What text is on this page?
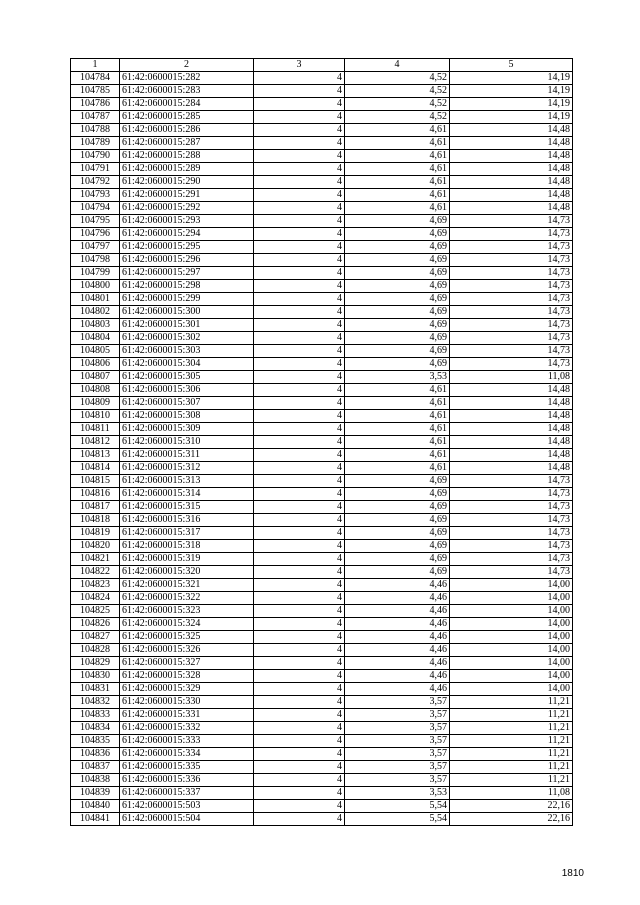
1	2	3	4	5
104784	61:42:0600015:282	4	4,52	14,19
104785	61:42:0600015:283	4	4,52	14,19
104786	61:42:0600015:284	4	4,52	14,19
104787	61:42:0600015:285	4	4,52	14,19
104788	61:42:0600015:286	4	4,61	14,48
104789	61:42:0600015:287	4	4,61	14,48
104790	61:42:0600015:288	4	4,61	14,48
104791	61:42:0600015:289	4	4,61	14,48
104792	61:42:0600015:290	4	4,61	14,48
104793	61:42:0600015:291	4	4,61	14,48
104794	61:42:0600015:292	4	4,61	14,48
104795	61:42:0600015:293	4	4,69	14,73
104796	61:42:0600015:294	4	4,69	14,73
104797	61:42:0600015:295	4	4,69	14,73
104798	61:42:0600015:296	4	4,69	14,73
104799	61:42:0600015:297	4	4,69	14,73
104800	61:42:0600015:298	4	4,69	14,73
104801	61:42:0600015:299	4	4,69	14,73
104802	61:42:0600015:300	4	4,69	14,73
104803	61:42:0600015:301	4	4,69	14,73
104804	61:42:0600015:302	4	4,69	14,73
104805	61:42:0600015:303	4	4,69	14,73
104806	61:42:0600015:304	4	4,69	14,73
104807	61:42:0600015:305	4	3,53	11,08
104808	61:42:0600015:306	4	4,61	14,48
104809	61:42:0600015:307	4	4,61	14,48
104810	61:42:0600015:308	4	4,61	14,48
104811	61:42:0600015:309	4	4,61	14,48
104812	61:42:0600015:310	4	4,61	14,48
104813	61:42:0600015:311	4	4,61	14,48
104814	61:42:0600015:312	4	4,61	14,48
104815	61:42:0600015:313	4	4,69	14,73
104816	61:42:0600015:314	4	4,69	14,73
104817	61:42:0600015:315	4	4,69	14,73
104818	61:42:0600015:316	4	4,69	14,73
104819	61:42:0600015:317	4	4,69	14,73
104820	61:42:0600015:318	4	4,69	14,73
104821	61:42:0600015:319	4	4,69	14,73
104822	61:42:0600015:320	4	4,69	14,73
104823	61:42:0600015:321	4	4,46	14,00
104824	61:42:0600015:322	4	4,46	14,00
104825	61:42:0600015:323	4	4,46	14,00
104826	61:42:0600015:324	4	4,46	14,00
104827	61:42:0600015:325	4	4,46	14,00
104828	61:42:0600015:326	4	4,46	14,00
104829	61:42:0600015:327	4	4,46	14,00
104830	61:42:0600015:328	4	4,46	14,00
104831	61:42:0600015:329	4	4,46	14,00
104832	61:42:0600015:330	4	3,57	11,21
104833	61:42:0600015:331	4	3,57	11,21
104834	61:42:0600015:332	4	3,57	11,21
104835	61:42:0600015:333	4	3,57	11,21
104836	61:42:0600015:334	4	3,57	11,21
104837	61:42:0600015:335	4	3,57	11,21
104838	61:42:0600015:336	4	3,57	11,21
104839	61:42:0600015:337	4	3,53	11,08
104840	61:42:0600015:503	4	5,54	22,16
104841	61:42:0600015:504	4	5,54	22,16
1810
